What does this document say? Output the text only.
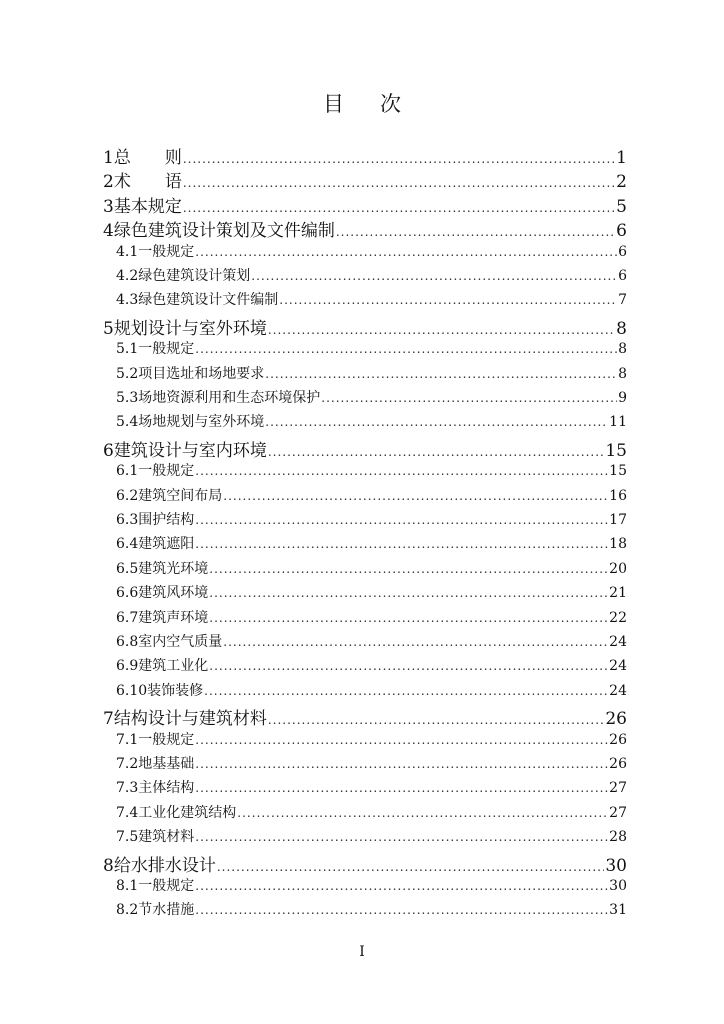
目 次
1 总　　则 .....	1
2 术　　语 .....	2
3 基本规定 .....	5
4 绿色建筑设计策划及文件编制 .....	6
4.1 一般规定 .....	6
4.2 绿色建筑设计策划 .....	6
4.3 绿色建筑设计文件编制 .....	7
5 规划设计与室外环境 .....	8
5.1 一般规定 .....	8
5.2 项目选址和场地要求 .....	8
5.3 场地资源利用和生态环境保护 .....	9
5.4 场地规划与室外环境 .....	11
6 建筑设计与室内环境 .....	15
6.1 一般规定 .....	15
6.2 建筑空间布局 .....	16
6.3 围护结构 .....	17
6.4 建筑遮阳 .....	18
6.5 建筑光环境 .....	20
6.6 建筑风环境 .....	21
6.7 建筑声环境 .....	22
6.8 室内空气质量 .....	24
6.9 建筑工业化 .....	24
6.10 装饰装修 .....	24
7 结构设计与建筑材料 .....	26
7.1 一般规定 .....	26
7.2 地基基础 .....	26
7.3 主体结构 .....	27
7.4 工业化建筑结构 .....	27
7.5 建筑材料 .....	28
8 给水排水设计 .....	30
8.1 一般规定 .....	30
8.2 节水措施 .....	31
I
